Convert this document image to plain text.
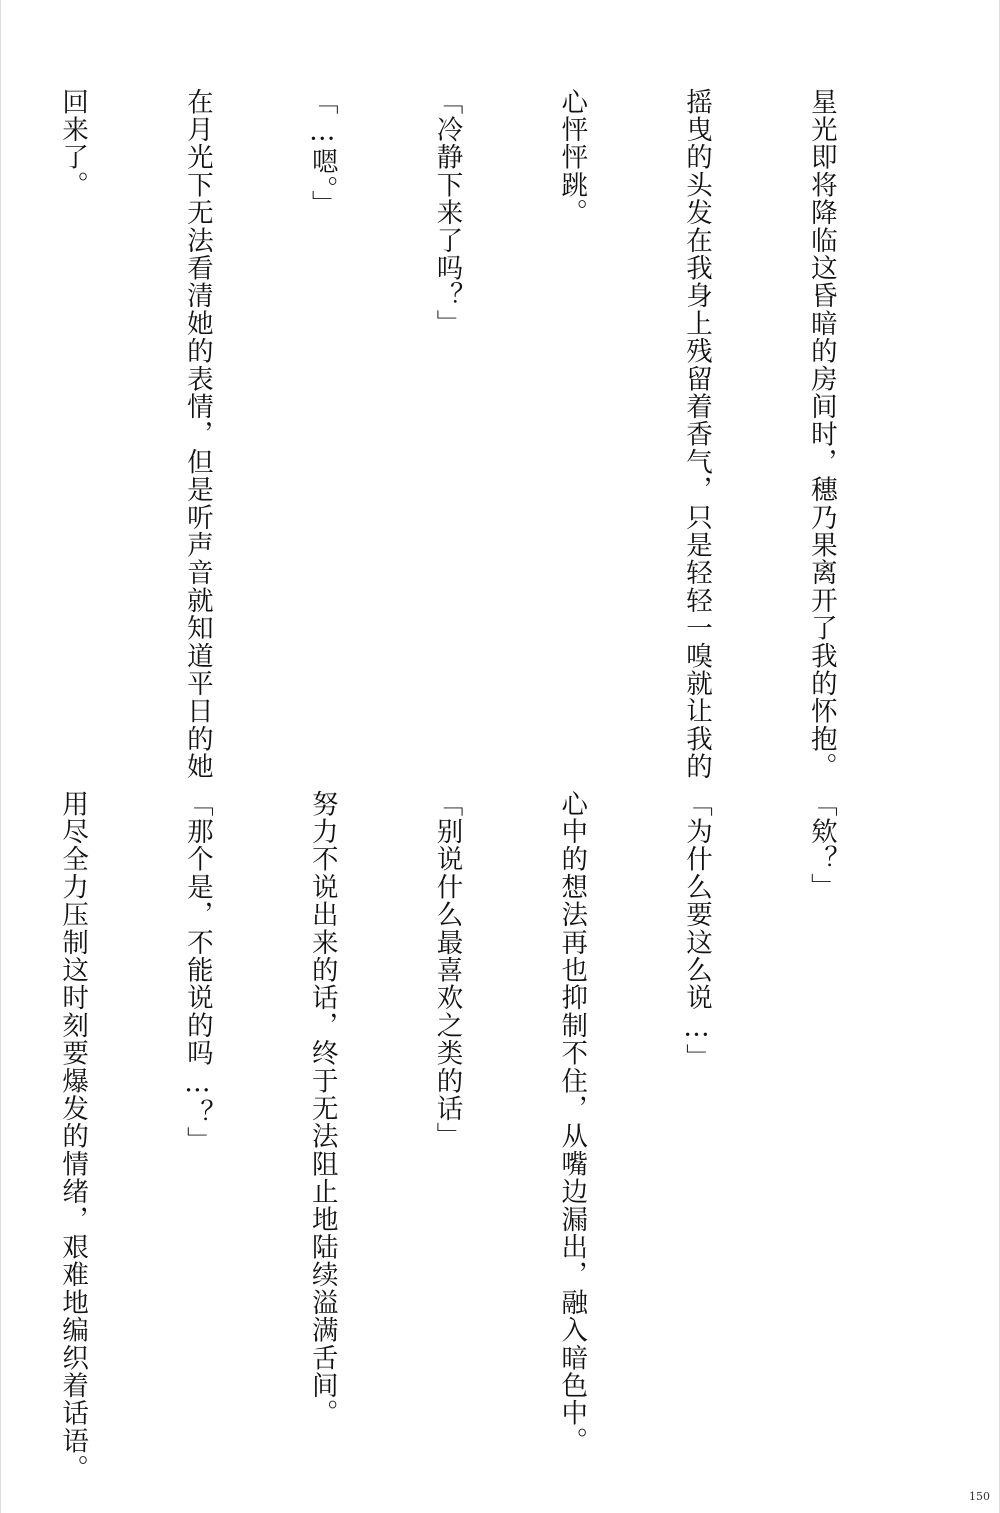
星光即将降临这昏暗的房间时，穗乃果离开了我的怀抱。

摇曳的头发在我身上残留着香气，只是轻轻一嗅就让我的

心怦怦跳。

「冷静下来了吗？」

「…嗯。」

在月光下无法看清她的表情，但是听声音就知道平日的她

回来了。

「欸？」

「为什么要这么说…」

心中的想法再也抑制不住，从嘴边漏出，融入暗色中。

「别说什么最喜欢之类的话」

努力不说出来的话，终于无法阻止地陆续溢满舌间。

「那个是，不能说的吗…？」

用尽全力压制这时刻要爆发的情绪，艰难地编织着话语。

150
